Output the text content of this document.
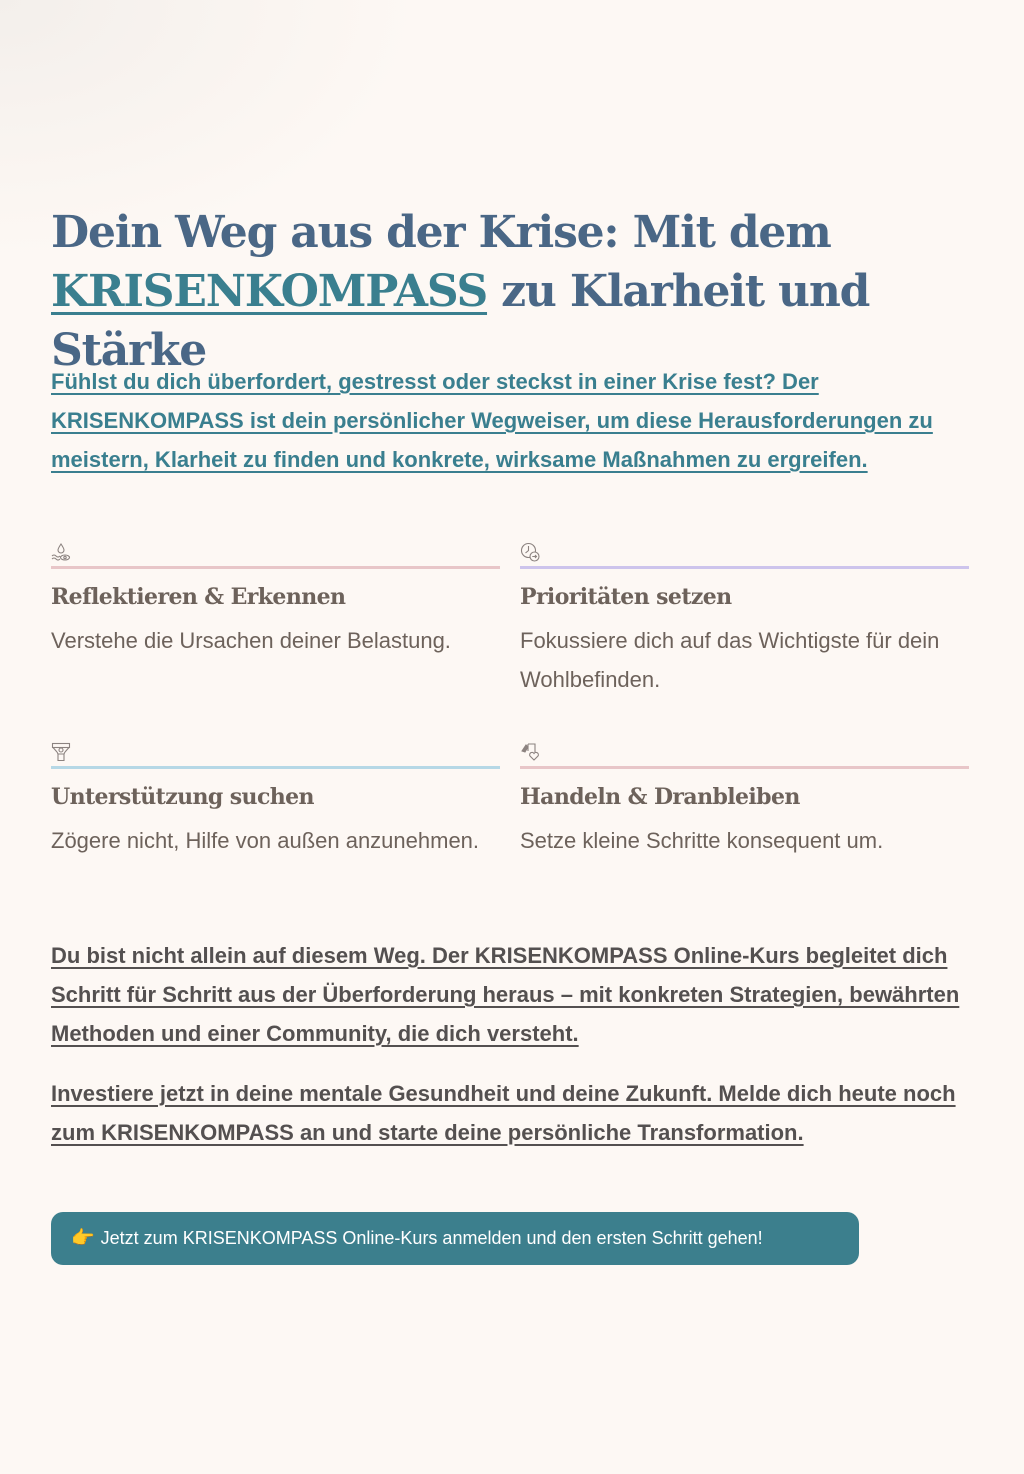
Dein Weg aus der Krise: Mit dem KRISENKOMPASS zu Klarheit und Stärke

Fühlst du dich überfordert, gestresst oder steckst in einer Krise fest? Der KRISENKOMPASS ist dein persönlicher Wegweiser, um diese Herausforderungen zu meistern, Klarheit zu finden und konkrete, wirksame Maßnahmen zu ergreifen.

Reflektieren & Erkennen

Verstehe die Ursachen deiner Belastung.

Prioritäten setzen

Fokussiere dich auf das Wichtigste für dein Wohlbefinden.

Unterstützung suchen

Zögere nicht, Hilfe von außen anzunehmen.

Handeln & Dranbleiben

Setze kleine Schritte konsequent um.

Du bist nicht allein auf diesem Weg. Der KRISENKOMPASS Online-Kurs begleitet dich Schritt für Schritt aus der Überforderung heraus – mit konkreten Strategien, bewährten Methoden und einer Community, die dich versteht.

Investiere jetzt in deine mentale Gesundheit und deine Zukunft. Melde dich heute noch zum KRISENKOMPASS an und starte deine persönliche Transformation.

👉 Jetzt zum KRISENKOMPASS Online-Kurs anmelden und den ersten Schritt gehen!
